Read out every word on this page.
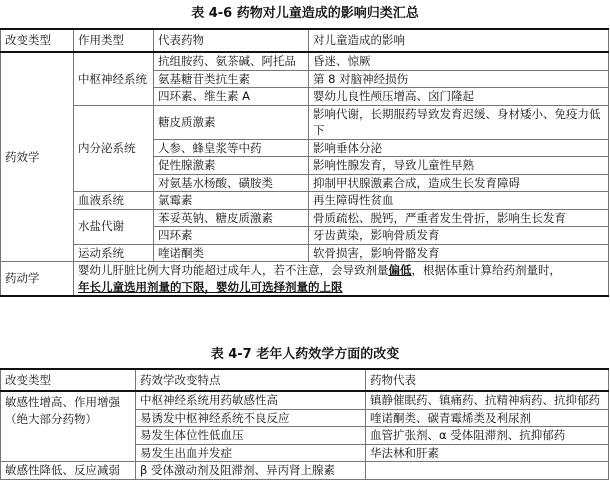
表 4-6 药物对儿童造成的影响归类汇总
改变类型	作用类型	代表药物	对儿童造成的影响
药效学	中枢神经系统	抗组胺药、氨茶碱、阿托品	昏迷、惊厥
		氨基糖苷类抗生素	第 8 对脑神经损伤
		四环素、维生素 A	婴幼儿良性颅压增高、囟门隆起
	内分泌系统	糖皮质激素	影响代谢，长期服药导致发育迟缓、身材矮小、免疫力低下
		人参、蜂皇浆等中药	影响垂体分泌
		促性腺激素	影响性腺发育，导致儿童性早熟
		对氨基水杨酸、磺胺类	抑制甲状腺激素合成，造成生长发育障碍
	血液系统	氯霉素	再生障碍性贫血
	水盐代谢	苯妥英钠、糖皮质激素	骨质疏松、脱钙，严重者发生骨折，影响生长发育
		四环素	牙齿黄染，影响骨质发育
	运动系统	喹诺酮类	软骨损害，影响骨骼发育
药动学	婴幼儿肝脏比例大肾功能超过成年人，若不注意，会导致剂量偏低，根据体重计算给药剂量时，
年长儿童选用剂量的下限，婴幼儿可选择剂量的上限		
表 4-7 老年人药效学方面的改变
改变类型	药效学改变特点	药物代表
敏感性增高、作用增强
（绝大部分药物）	中枢神经系统用药敏感性高	镇静催眠药、镇痛药、抗精神病药、抗抑郁药
	易诱发中枢神经系统不良反应	喹诺酮类、碳青霉烯类及利尿剂
	易发生体位性低血压	血管扩张剂、α 受体阻滞剂、抗抑郁药
	易发生出血并发症	华法林和肝素
敏感性降低、反应减弱	β 受体激动剂及阻滞剂、异丙肾上腺素	
